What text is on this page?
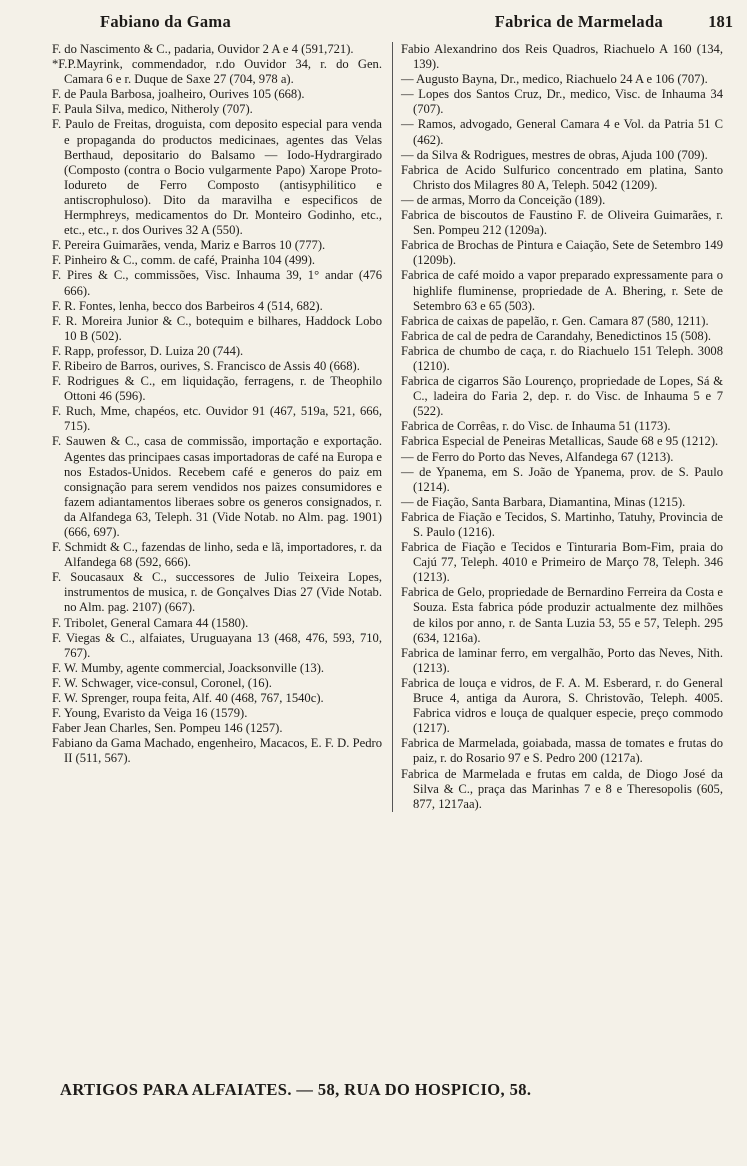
Fabiano da Gama	Fabrica de Marmelada	181

F. do Nascimento & C., padaria, Ouvidor 2 A e 4 (591,721).

*F.P.Mayrink, commendador, r.do Ouvidor 34, r. do Gen. Camara 6 e r. Duque de Saxe 27 (704, 978 a).

F. de Paula Barbosa, joalheiro, Ourives 105 (668).

F. Paula Silva, medico, Nitheroly (707).

F. Paulo de Freitas, droguista, com deposito especial para venda e propaganda do productos medicinaes, agentes das Velas Berthaud, depositario do Balsamo — Iodo-Hydrargirado (Composto (contra o Bocio vulgarmente Papo) Xarope Proto-Iodureto de Ferro Composto (antisyphilitico e antiscrophuloso). Dito da maravilha e especificos de Hermphreys, medicamentos do Dr. Monteiro Godinho, etc., etc., etc., r. dos Ourives 32 A (550).

F. Pereira Guimarães, venda, Mariz e Barros 10 (777).

F. Pinheiro & C., comm. de café, Prainha 104 (499).

F. Pires & C., commissões, Visc. Inhauma 39, 1° andar (476 666).

F. R. Fontes, lenha, becco dos Barbeiros 4 (514, 682).

F. R. Moreira Junior & C., botequim e bilhares, Haddock Lobo 10 B (502).

F. Rapp, professor, D. Luiza 20 (744).

F. Ribeiro de Barros, ourives, S. Francisco de Assis 40 (668).

F. Rodrigues & C., em liquidação, ferragens, r. de Theophilo Ottoni 46 (596).

F. Ruch, Mme, chapéos, etc. Ouvidor 91 (467, 519a, 521, 666, 715).

F. Sauwen & C., casa de commissão, importação e exportação. Agentes das principaes casas importadoras de café na Europa e nos Estados-Unidos. Recebem café e generos do paiz em consignação para serem vendidos nos paizes consumidores e fazem adiantamentos liberaes sobre os generos consignados, r. da Alfandega 63, Teleph. 31 (Vide Notab. no Alm. pag. 1901) (666, 697).

F. Schmidt & C., fazendas de linho, seda e lã, importadores, r. da Alfandega 68 (592, 666).

F. Soucasaux & C., successores de Julio Teixeira Lopes, instrumentos de musica, r. de Gonçalves Dias 27 (Vide Notab. no Alm. pag. 2107) (667).

F. Tribolet, General Camara 44 (1580).

F. Viegas & C., alfaiates, Uruguayana 13 (468, 476, 593, 710, 767).

F. W. Mumby, agente commercial, Joacksonville (13).

F. W. Schwager, vice-consul, Coronel, (16).

F. W. Sprenger, roupa feita, Alf. 40 (468, 767, 1540c).

F. Young, Evaristo da Veiga 16 (1579).

Faber Jean Charles, Sen. Pompeu 146 (1257).

Fabiano da Gama Machado, engenheiro, Macacos, E. F. D. Pedro II (511, 567).

Fabio Alexandrino dos Reis Quadros, Riachuelo A 160 (134, 139).

— Augusto Bayna, Dr., medico, Riachuelo 24 A e 106 (707).

— Lopes dos Santos Cruz, Dr., medico, Visc. de Inhauma 34 (707).

— Ramos, advogado, General Camara 4 e Vol. da Patria 51 C (462).

— da Silva & Rodrigues, mestres de obras, Ajuda 100 (709).

Fabrica de Acido Sulfurico concentrado em platina, Santo Christo dos Milagres 80 A, Teleph. 5042 (1209).

— de armas, Morro da Conceição (189).

Fabrica de biscoutos de Faustino F. de Oliveira Guimarães, r. Sen. Pompeu 212 (1209a).

Fabrica de Brochas de Pintura e Caiação, Sete de Setembro 149 (1209b).

Fabrica de café moido a vapor preparado expressamente para o highlife fluminense, propriedade de A. Bhering, r. Sete de Setembro 63 e 65 (503).

Fabrica de caixas de papelão, r. Gen. Camara 87 (580, 1211).

Fabrica de cal de pedra de Carandahy, Benedictinos 15 (508).

Fabrica de chumbo de caça, r. do Riachuelo 151 Teleph. 3008 (1210).

Fabrica de cigarros São Lourenço, propriedade de Lopes, Sá & C., ladeira do Faria 2, dep. r. do Visc. de Inhauma 5 e 7 (522).

Fabrica de Corrêas, r. do Visc. de Inhauma 51 (1173).

Fabrica Especial de Peneiras Metallicas, Saude 68 e 95 (1212).

— de Ferro do Porto das Neves, Alfandega 67 (1213).

— de Ypanema, em S. João de Ypanema, prov. de S. Paulo (1214).

— de Fiação, Santa Barbara, Diamantina, Minas (1215).

Fabrica de Fiação e Tecidos, S. Martinho, Tatuhy, Provincia de S. Paulo (1216).

Fabrica de Fiação e Tecidos e Tinturaria Bom-Fim, praia do Cajú 77, Teleph. 4010 e Primeiro de Março 78, Teleph. 346 (1213).

Fabrica de Gelo, propriedade de Bernardino Ferreira da Costa e Souza. Esta fabrica póde produzir actualmente dez milhões de kilos por anno, r. de Santa Luzia 53, 55 e 57, Teleph. 295 (634, 1216a).

Fabrica de laminar ferro, em vergalhão, Porto das Neves, Nith. (1213).

Fabrica de louça e vidros, de F. A. M. Esberard, r. do General Bruce 4, antiga da Aurora, S. Christovão, Teleph. 4005. Fabrica vidros e louça de qualquer especie, preço commodo (1217).

Fabrica de Marmelada, goiabada, massa de tomates e frutas do paiz, r. do Rosario 97 e S. Pedro 200 (1217a).

Fabrica de Marmelada e frutas em calda, de Diogo José da Silva & C., praça das Marinhas 7 e 8 e Theresopolis (605, 877, 1217aa).

ARTIGOS PARA ALFAIATES. — 58, RUA DO HOSPICIO, 58.
